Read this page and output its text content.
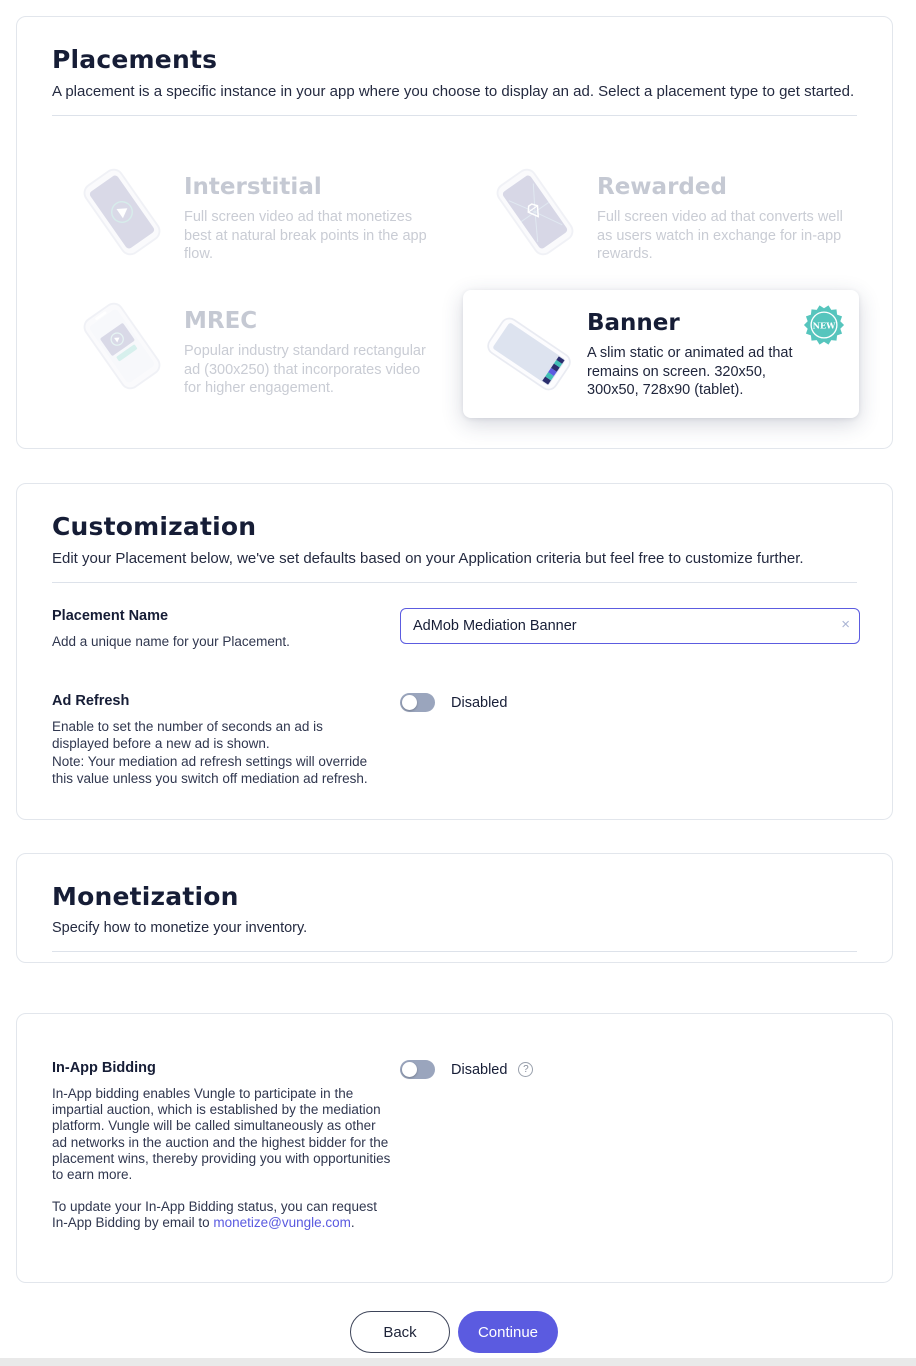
Placements
A placement is a specific instance in your app where you choose to display an ad. Select a placement type to get started.
Interstitial
Full screen video ad that monetizes best at natural break points in the app flow.
Rewarded
Full screen video ad that converts well as users watch in exchange for in-app rewards.
MREC
Popular industry standard rectangular ad (300x250) that incorporates video for higher engagement.
Banner
A slim static or animated ad that remains on screen. 320x50, 300x50, 728x90 (tablet).
NEW
Customization
Edit your Placement below, we've set defaults based on your Application criteria but feel free to customize further.
Placement Name
Add a unique name for your Placement.
AdMob Mediation Banner
×
Ad Refresh
Enable to set the number of seconds an ad is displayed before a new ad is shown.
Note: Your mediation ad refresh settings will override this value unless you switch off mediation ad refresh.
Disabled
Monetization
Specify how to monetize your inventory.
In-App Bidding
In-App bidding enables Vungle to participate in the impartial auction, which is established by the mediation platform. Vungle will be called simultaneously as other ad networks in the auction and the highest bidder for the placement wins, thereby providing you with opportunities to earn more.
To update your In-App Bidding status, you can request In-App Bidding by email to monetize@vungle.com.
Disabled	?
Back	Continue
